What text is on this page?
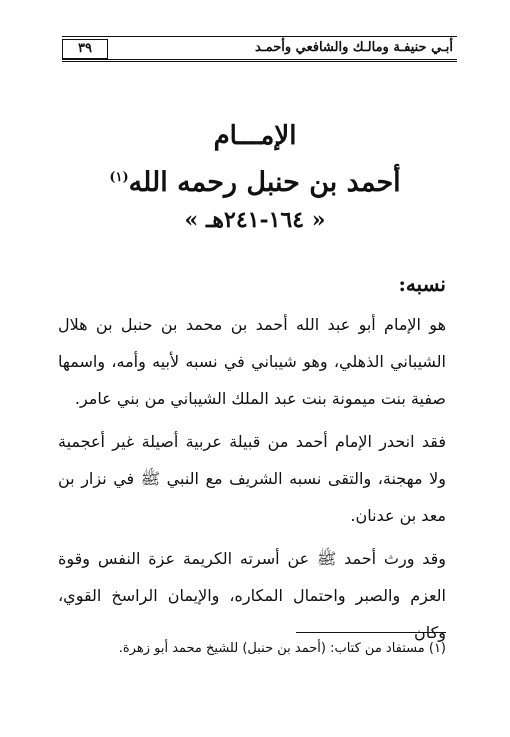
أبـي حنيفـة ومالـك والشافعي وأحمـد
٣٩
الإمـــام
أحمد بن حنبل رحمه الله$^{(١)}$
« ١٦٤-٢٤١هـ »
نسبه:

هو الإمام أبو عبد الله أحمد بن محمد بن حنبل بن هلال الشيباني الذهلي، وهو شيباني في نسبه لأبيه وأمه، واسمها صفية بنت ميمونة بنت عبد الملك الشيباني من بني عامر.

فقد انحدر الإمام أحمد من قبيلة عربية أصيلة غير أعجمية ولا مهجنة، والتقى نسبه الشريف مع النبي ﷺ في نزار بن معد بن عدنان.

وقد ورث أحمد ﷺ عن أسرته الكريمة عزة النفس وقوة العزم والصبر واحتمال المكاره، والإيمان الراسخ القوي، وكان

(١) مستفاد من كتاب: (أحمد بن حنبل) للشيخ محمد أبو زهرة.
